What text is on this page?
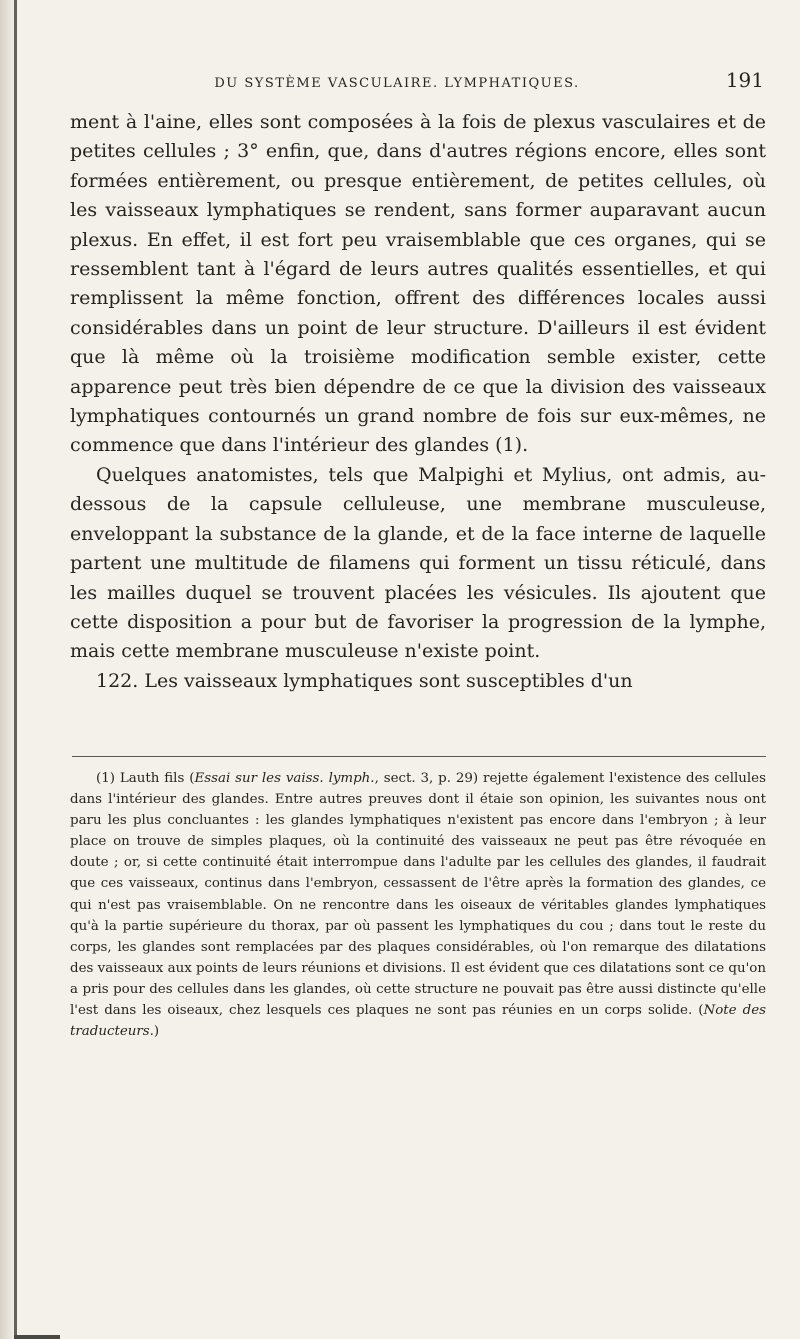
DU SYSTÈME VASCULAIRE. LYMPHATIQUES.	191

ment à l'aine, elles sont composées à la fois de plexus vasculaires et de petites cellules ; 3° enfin, que, dans d'autres régions encore, elles sont formées entièrement, ou presque entièrement, de petites cellules, où les vaisseaux lymphatiques se rendent, sans former auparavant aucun plexus. En effet, il est fort peu vraisemblable que ces organes, qui se ressemblent tant à l'égard de leurs autres qualités essentielles, et qui remplissent la même fonction, offrent des différences locales aussi considérables dans un point de leur structure. D'ailleurs il est évident que là même où la troisième modification semble exister, cette apparence peut très bien dépendre de ce que la division des vaisseaux lymphatiques contournés un grand nombre de fois sur eux-mêmes, ne commence que dans l'intérieur des glandes (1).

Quelques anatomistes, tels que Malpighi et Mylius, ont admis, au-dessous de la capsule celluleuse, une membrane musculeuse, enveloppant la substance de la glande, et de la face interne de laquelle partent une multitude de filamens qui forment un tissu réticulé, dans les mailles duquel se trouvent placées les vésicules. Ils ajoutent que cette disposition a pour but de favoriser la progression de la lymphe, mais cette membrane musculeuse n'existe point.

122. Les vaisseaux lymphatiques sont susceptibles d'un

(1) Lauth fils (Essai sur les vaiss. lymph., sect. 3, p. 29) rejette également l'existence des cellules dans l'intérieur des glandes. Entre autres preuves dont il étaie son opinion, les suivantes nous ont paru les plus concluantes : les glandes lymphatiques n'existent pas encore dans l'embryon ; à leur place on trouve de simples plaques, où la continuité des vaisseaux ne peut pas être révoquée en doute ; or, si cette continuité était interrompue dans l'adulte par les cellules des glandes, il faudrait que ces vaisseaux, continus dans l'embryon, cessassent de l'être après la formation des glandes, ce qui n'est pas vraisemblable. On ne rencontre dans les oiseaux de véritables glandes lymphatiques qu'à la partie supérieure du thorax, par où passent les lymphatiques du cou ; dans tout le reste du corps, les glandes sont remplacées par des plaques considérables, où l'on remarque des dilatations des vaisseaux aux points de leurs réunions et divisions. Il est évident que ces dilatations sont ce qu'on a pris pour des cellules dans les glandes, où cette structure ne pouvait pas être aussi distincte qu'elle l'est dans les oiseaux, chez lesquels ces plaques ne sont pas réunies en un corps solide. (Note des traducteurs.)
